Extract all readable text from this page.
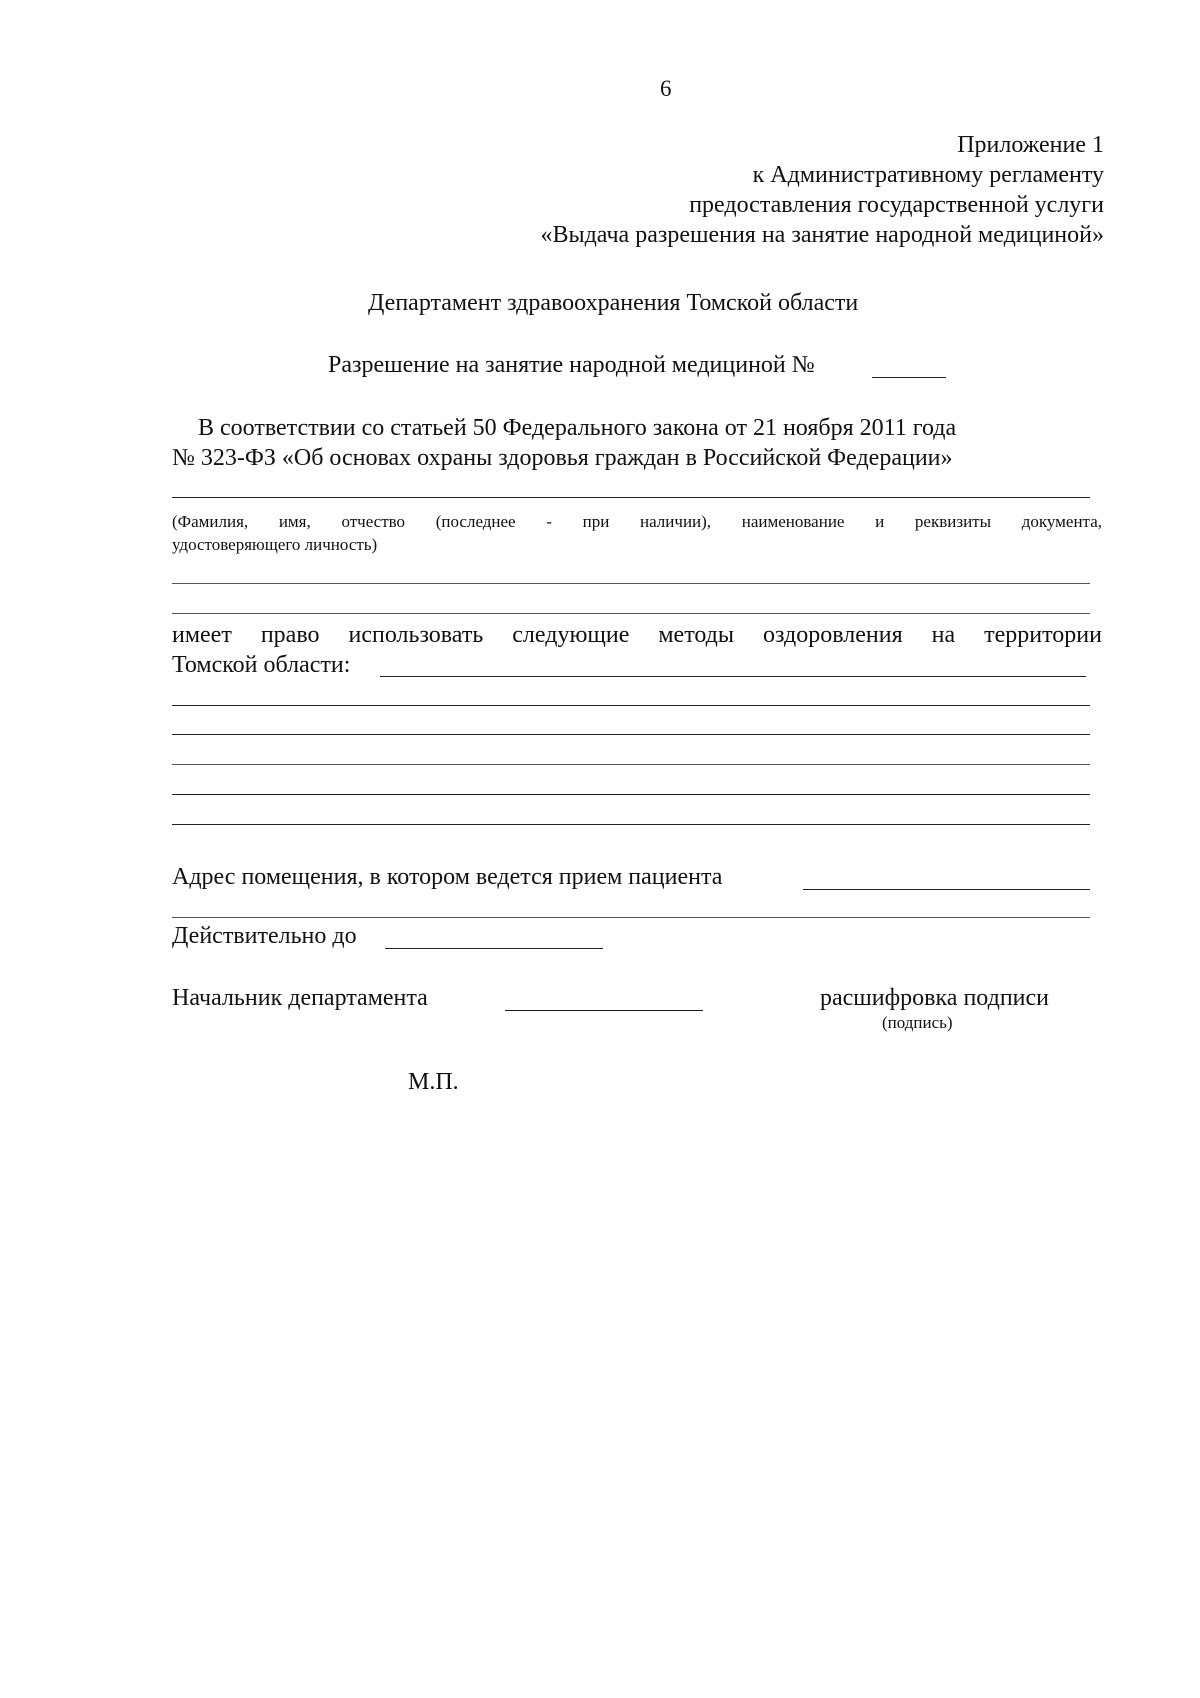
6
Приложение 1
к Административному регламенту
предоставления государственной услуги
«Выдача разрешения на занятие народной медициной»
Департамент здравоохранения Томской области
Разрешение на занятие народной медициной №
В соответствии со статьей 50 Федерального закона от 21 ноября 2011 года
№ 323-ФЗ «Об основах охраны здоровья граждан в Российской Федерации»
(Фамилия, имя, отчество (последнее - при наличии), наименование и реквизиты документа,
удостоверяющего личность)
имеет право использовать следующие методы оздоровления на территории
Томской области:
Адрес помещения, в котором ведется прием пациента
Действительно до
Начальник департамента	расшифровка подписи
(подпись)
М.П.
